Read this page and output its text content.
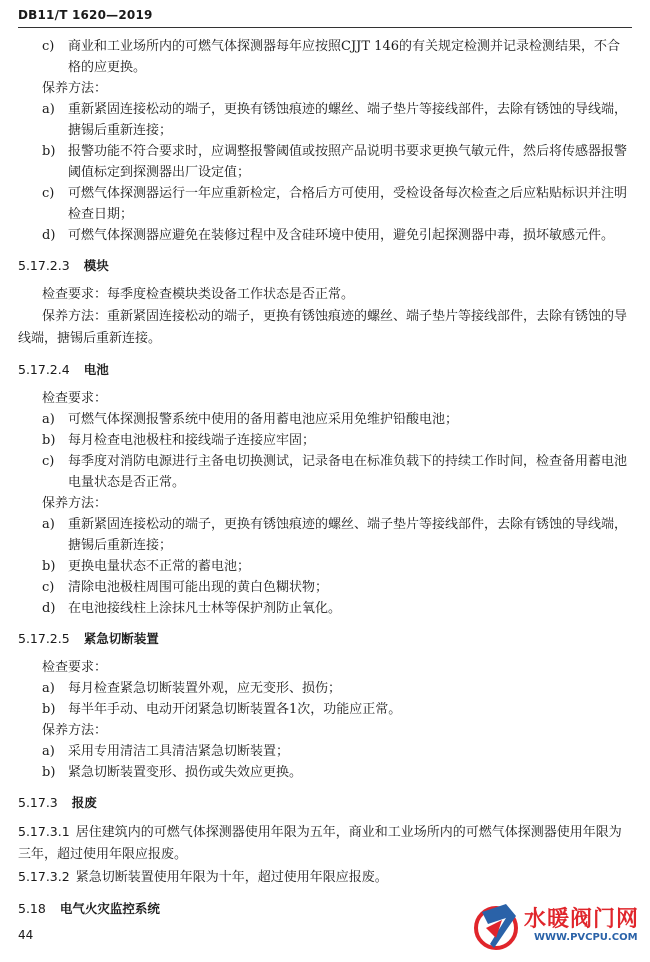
DB11/T 1620—2019
c) 商业和工业场所内的可燃气体探测器每年应按照CJJT 146的有关规定检测并记录检测结果，不合格的应更换。

保养方法：

a) 重新紧固连接松动的端子，更换有锈蚀痕迹的螺丝、端子垫片等接线部件，去除有锈蚀的导线端，搪锡后重新连接；
b) 报警功能不符合要求时，应调整报警阈值或按照产品说明书要求更换气敏元件，然后将传感器报警阈值标定到探测器出厂设定值；
c) 可燃气体探测器运行一年应重新检定，合格后方可使用，受检设备每次检查之后应粘贴标识并注明检查日期；
d) 可燃气体探测器应避免在装修过程中及含硅环境中使用，避免引起探测器中毒，损坏敏感元件。

5.17.2.3 模块

检查要求：每季度检查模块类设备工作状态是否正常。

保养方法：重新紧固连接松动的端子，更换有锈蚀痕迹的螺丝、端子垫片等接线部件，去除有锈蚀的导线端，搪锡后重新连接。

5.17.2.4 电池

检查要求：

a) 可燃气体探测报警系统中使用的备用蓄电池应采用免维护铅酸电池；
b) 每月检查电池极柱和接线端子连接应牢固；
c) 每季度对消防电源进行主备电切换测试，记录备电在标准负载下的持续工作时间，检查备用蓄电池电量状态是否正常。

保养方法：

a) 重新紧固连接松动的端子，更换有锈蚀痕迹的螺丝、端子垫片等接线部件，去除有锈蚀的导线端，搪锡后重新连接；
b) 更换电量状态不正常的蓄电池；
c) 清除电池极柱周围可能出现的黄白色糊状物；
d) 在电池接线柱上涂抹凡士林等保护剂防止氧化。

5.17.2.5 紧急切断装置

检查要求：

a) 每月检查紧急切断装置外观，应无变形、损伤；
b) 每半年手动、电动开闭紧急切断装置各1次，功能应正常。

保养方法：

a) 采用专用清洁工具清洁紧急切断装置；
b) 紧急切断装置变形、损伤或失效应更换。

5.17.3 报废

5.17.3.1 居住建筑内的可燃气体探测器使用年限为五年，商业和工业场所内的可燃气体探测器使用年限为三年，超过使用年限应报废。

5.17.3.2 紧急切断装置使用年限为十年，超过使用年限应报废。

5.18 电气火灾监控系统

44
水暖阀门网
WWW.PVCPU.COM
